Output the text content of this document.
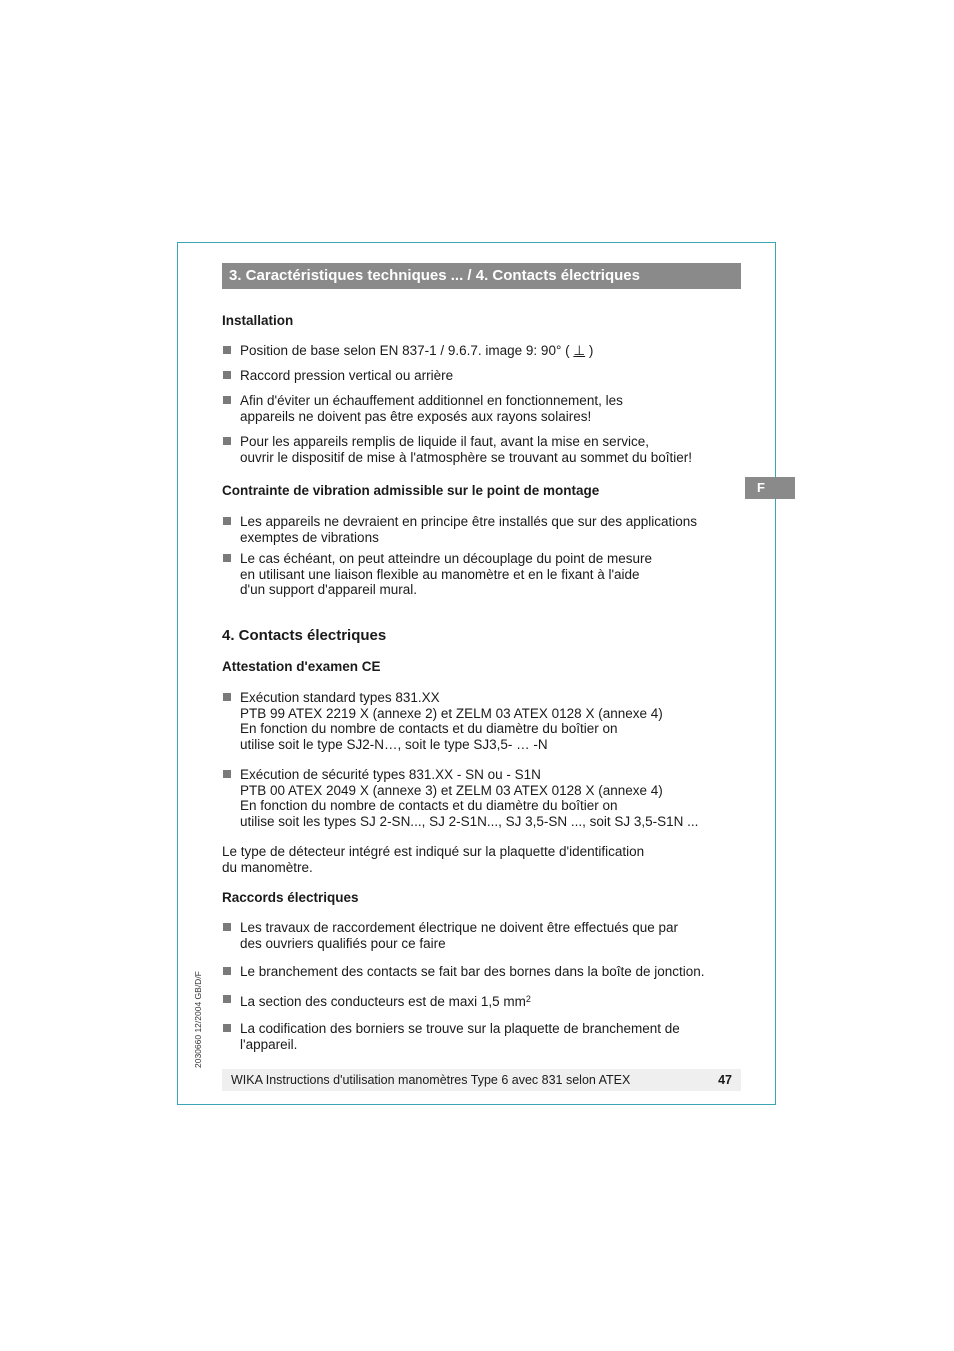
3. Caractéristiques techniques ... / 4. Contacts électriques
F

Installation

Position de base selon EN 837-1 / 9.6.7. image 9: 90° ( ⊥ )
Raccord pression vertical ou arrière
Afin d'éviter un échauffement additionnel en fonctionnement, les
appareils ne doivent pas être exposés aux rayons solaires!
Pour les appareils remplis de liquide il faut, avant la mise en service,
ouvrir le dispositif de mise à l'atmosphère se trouvant au sommet du boîtier!

Contrainte de vibration admissible sur le point de montage

Les appareils ne devraient en principe être installés que sur des applications
exemptes de vibrations
Le cas échéant, on peut atteindre un découplage du point de mesure
en utilisant une liaison flexible au manomètre et en le fixant à l'aide
d'un support d'appareil mural.

4. Contacts électriques

Attestation d'examen CE

Exécution standard types 831.XX
PTB 99 ATEX 2219 X (annexe 2) et ZELM 03 ATEX 0128 X (annexe 4)
En fonction du nombre de contacts et du diamètre du boîtier on
utilise soit le type SJ2-N…, soit le type SJ3,5- … -N
Exécution de sécurité types 831.XX - SN ou - S1N
PTB 00 ATEX 2049 X (annexe 3) et ZELM 03 ATEX 0128 X (annexe 4)
En fonction du nombre de contacts et du diamètre du boîtier on
utilise soit les types SJ 2-SN..., SJ 2-S1N..., SJ 3,5-SN ..., soit SJ 3,5-S1N ...
Le type de détecteur intégré est indiqué sur la plaquette d'identification
du manomètre.

Raccords électriques

Les travaux de raccordement électrique ne doivent être effectués que par
des ouvriers qualifiés pour ce faire
Le branchement des contacts se fait bar des bornes dans la boîte de jonction.
La section des conducteurs est de maxi 1,5 $mm^2$
La codification des borniers se trouve sur la plaquette de branchement de
l'appareil.
2030660 12/2004 GB/D/F
WIKA Instructions d'utilisation manomètres Type 6 avec 831 selon ATEX	47
